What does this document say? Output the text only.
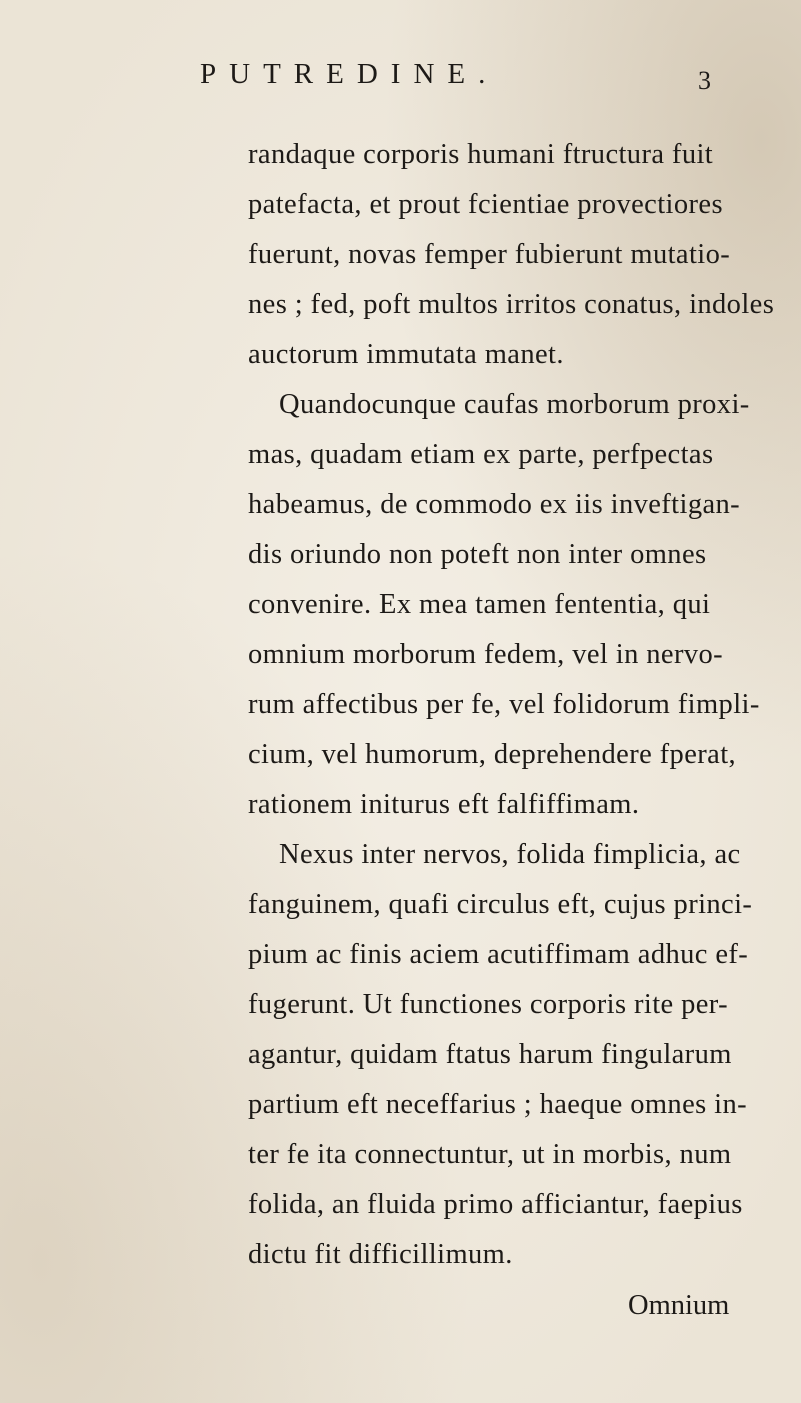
PUTREDINE.	3
randaque corporis humani ftructura fuit
patefacta, et prout fcientiae provectiores
fuerunt, novas femper fubierunt mutatio-
nes ; fed, poft multos irritos conatus, indoles
auctorum immutata manet.
Quandocunque caufas morborum proxi-
mas, quadam etiam ex parte, perfpectas
habeamus, de commodo ex iis inveftigan-
dis oriundo non poteft non inter omnes
convenire. Ex mea tamen fententia, qui
omnium morborum fedem, vel in nervo-
rum affectibus per fe, vel folidorum fimpli-
cium, vel humorum, deprehendere fperat,
rationem initurus eft falfiffimam.
Nexus inter nervos, folida fimplicia, ac
fanguinem, quafi circulus eft, cujus princi-
pium ac finis aciem acutiffimam adhuc ef-
fugerunt. Ut functiones corporis rite per-
agantur, quidam ftatus harum fingularum
partium eft neceffarius ; haeque omnes in-
ter fe ita connectuntur, ut in morbis, num
folida, an fluida primo afficiantur, faepius
dictu fit difficillimum.
Omnium
